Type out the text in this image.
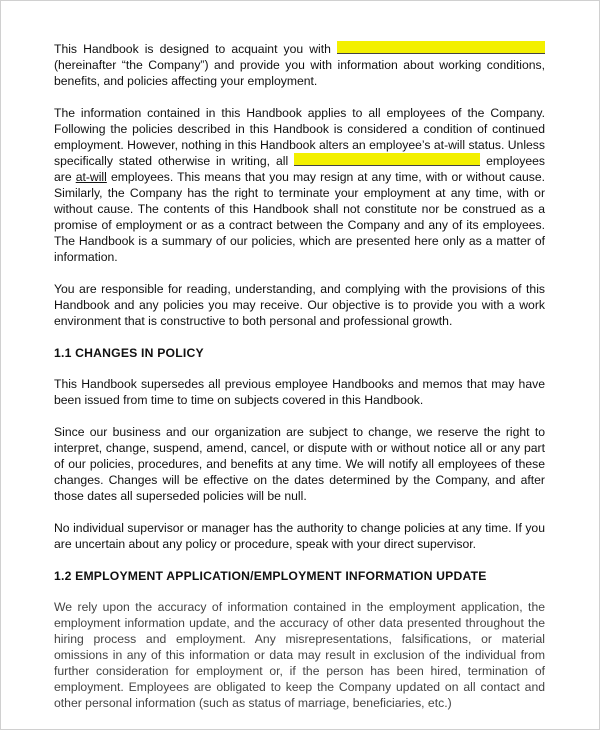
This Handbook is designed to acquaint you with  (hereinafter “the Company”) and provide you with information about working conditions, benefits, and policies affecting your employment.

The information contained in this Handbook applies to all employees of the Company. Following the policies described in this Handbook is considered a condition of continued employment. However, nothing in this Handbook alters an employee’s at-will status. Unless specifically stated otherwise in writing, all	employees are at-will employees. This means that you may resign at any time, with or without cause. Similarly, the Company has the right to terminate your employment at any time, with or without cause. The contents of this Handbook shall not constitute nor be construed as a promise of employment or as a contract between the Company and any of its employees. The Handbook is a summary of our policies, which are presented here only as a matter of information.

You are responsible for reading, understanding, and complying with the provisions of this Handbook and any policies you may receive. Our objective is to provide you with a work environment that is constructive to both personal and professional growth.

1.1 CHANGES IN POLICY

This Handbook supersedes all previous employee Handbooks and memos that may have been issued from time to time on subjects covered in this Handbook.

Since our business and our organization are subject to change, we reserve the right to interpret, change, suspend, amend, cancel, or dispute with or without notice all or any part of our policies, procedures, and benefits at any time. We will notify all employees of these changes. Changes will be effective on the dates determined by the Company, and after those dates all superseded policies will be null.

No individual supervisor or manager has the authority to change policies at any time. If you are uncertain about any policy or procedure, speak with your direct supervisor.

1.2 EMPLOYMENT APPLICATION/EMPLOYMENT INFORMATION UPDATE

We rely upon the accuracy of information contained in the employment application, the employment information update, and the accuracy of other data presented throughout the hiring process and employment. Any misrepresentations, falsifications, or material omissions in any of this information or data may result in exclusion of the individual from further consideration for employment or, if the person has been hired, termination of employment. Employees are obligated to keep the Company updated on all contact and other personal information (such as status of marriage, beneficiaries, etc.)
